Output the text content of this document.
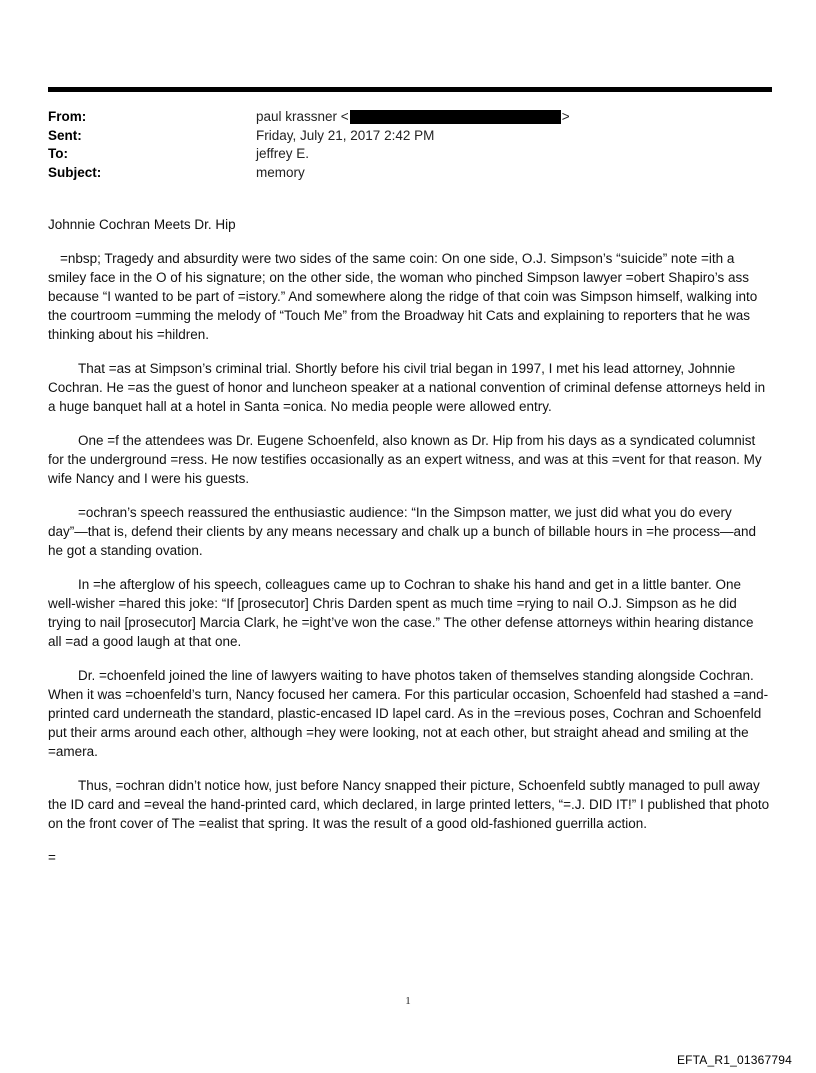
From:	paul krassner <	>
Sent:	Friday, July 21, 2017 2:42 PM
To:	jeffrey E.
Subject:	memory

Johnnie Cochran Meets Dr. Hip

=nbsp; Tragedy and absurdity were two sides of the same coin: On one side, O.J. Simpson’s “suicide” note =ith a smiley face in the O of his signature; on the other side, the woman who pinched Simpson lawyer =obert Shapiro’s ass because “I wanted to be part of =istory.” And somewhere along the ridge of that coin was Simpson himself, walking into the courtroom =umming the melody of “Touch Me” from the Broadway hit Cats and explaining to reporters that he was thinking about his =hildren.

That =as at Simpson’s criminal trial. Shortly before his civil trial began in 1997, I met his lead attorney, Johnnie Cochran. He =as the guest of honor and luncheon speaker at a national convention of criminal defense attorneys held in a huge banquet hall at a hotel in Santa =onica. No media people were allowed entry.

One =f the attendees was Dr. Eugene Schoenfeld, also known as Dr. Hip from his days as a syndicated columnist for the underground =ress. He now testifies occasionally as an expert witness, and was at this =vent for that reason. My wife Nancy and I were his guests.

=ochran’s speech reassured the enthusiastic audience: “In the Simpson matter, we just did what you do every day”—that is, defend their clients by any means necessary and chalk up a bunch of billable hours in =he process—and he got a standing ovation.

In =he afterglow of his speech, colleagues came up to Cochran to shake his hand and get in a little banter. One well-wisher =hared this joke: “If [prosecutor] Chris Darden spent as much time =rying to nail O.J. Simpson as he did trying to nail [prosecutor] Marcia Clark, he =ight’ve won the case.” The other defense attorneys within hearing distance all =ad a good laugh at that one.

Dr. =choenfeld joined the line of lawyers waiting to have photos taken of themselves standing alongside Cochran. When it was =choenfeld’s turn, Nancy focused her camera. For this particular occasion, Schoenfeld had stashed a =and-printed card underneath the standard, plastic-encased ID lapel card. As in the =revious poses, Cochran and Schoenfeld put their arms around each other, although =hey were looking, not at each other, but straight ahead and smiling at the =amera.

Thus, =ochran didn’t notice how, just before Nancy snapped their picture, Schoenfeld subtly managed to pull away the ID card and =eveal the hand-printed card, which declared, in large printed letters, “=.J. DID IT!” I published that photo on the front cover of The =ealist that spring. It was the result of a good old-fashioned guerrilla action.

=

1
EFTA_R1_01367794
